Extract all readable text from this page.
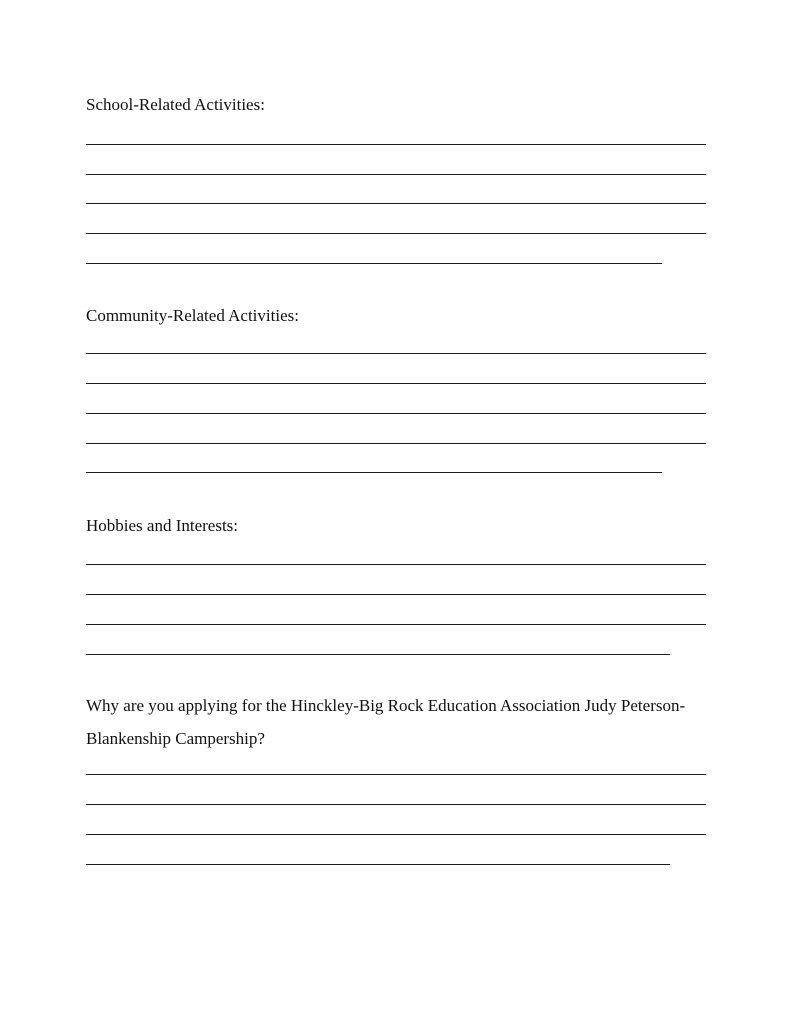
School-Related Activities:
Community-Related Activities:
Hobbies and Interests:
Why are you applying for the Hinckley-Big Rock Education Association Judy Peterson-Blankenship Campership?
